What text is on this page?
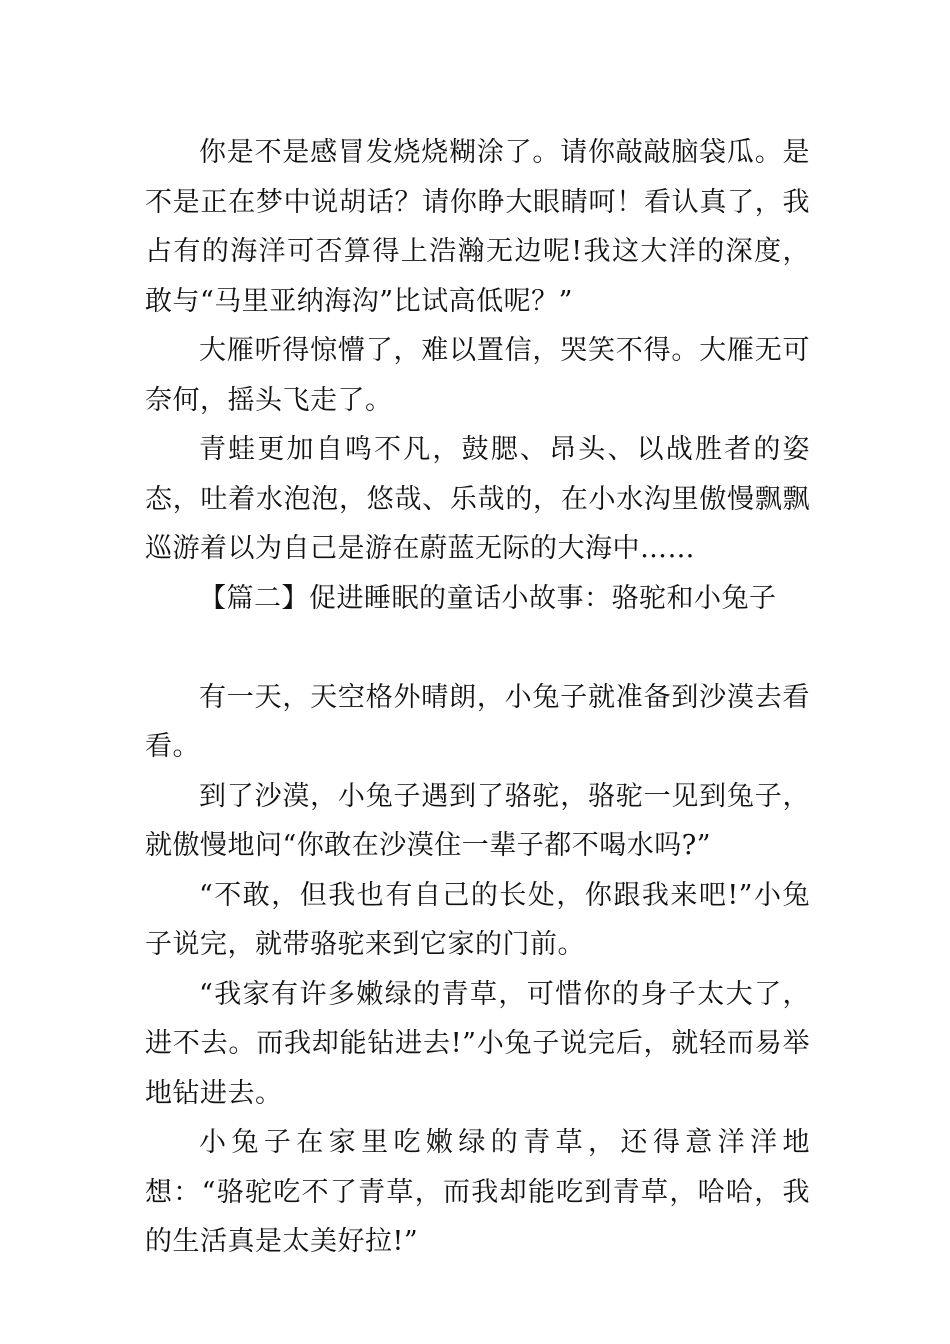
你是不是感冒发烧烧糊涂了。请你敲敲脑袋瓜。是不是正在梦中说胡话？请你睁大眼睛呵！看认真了，我占有的海洋可否算得上浩瀚无边呢!我这大洋的深度，敢与“马里亚纳海沟”比试高低呢？”

大雁听得惊懵了，难以置信，哭笑不得。大雁无可奈何，摇头飞走了。

青蛙更加自鸣不凡，鼓腮、昂头、以战胜者的姿态，吐着水泡泡，悠哉、乐哉的，在小水沟里傲慢飘飘巡游着以为自己是游在蔚蓝无际的大海中……

【篇二】促进睡眠的童话小故事：骆驼和小兔子

有一天，天空格外晴朗，小兔子就准备到沙漠去看看。

到了沙漠，小兔子遇到了骆驼，骆驼一见到兔子，就傲慢地问“你敢在沙漠住一辈子都不喝水吗?”

“不敢，但我也有自己的长处，你跟我来吧!”小兔子说完，就带骆驼来到它家的门前。

“我家有许多嫩绿的青草，可惜你的身子太大了，进不去。而我却能钻进去!”小兔子说完后，就轻而易举地钻进去。

小兔子在家里吃嫩绿的青草，还得意洋洋地想：“骆驼吃不了青草，而我却能吃到青草，哈哈，我的生活真是太美好拉!”
